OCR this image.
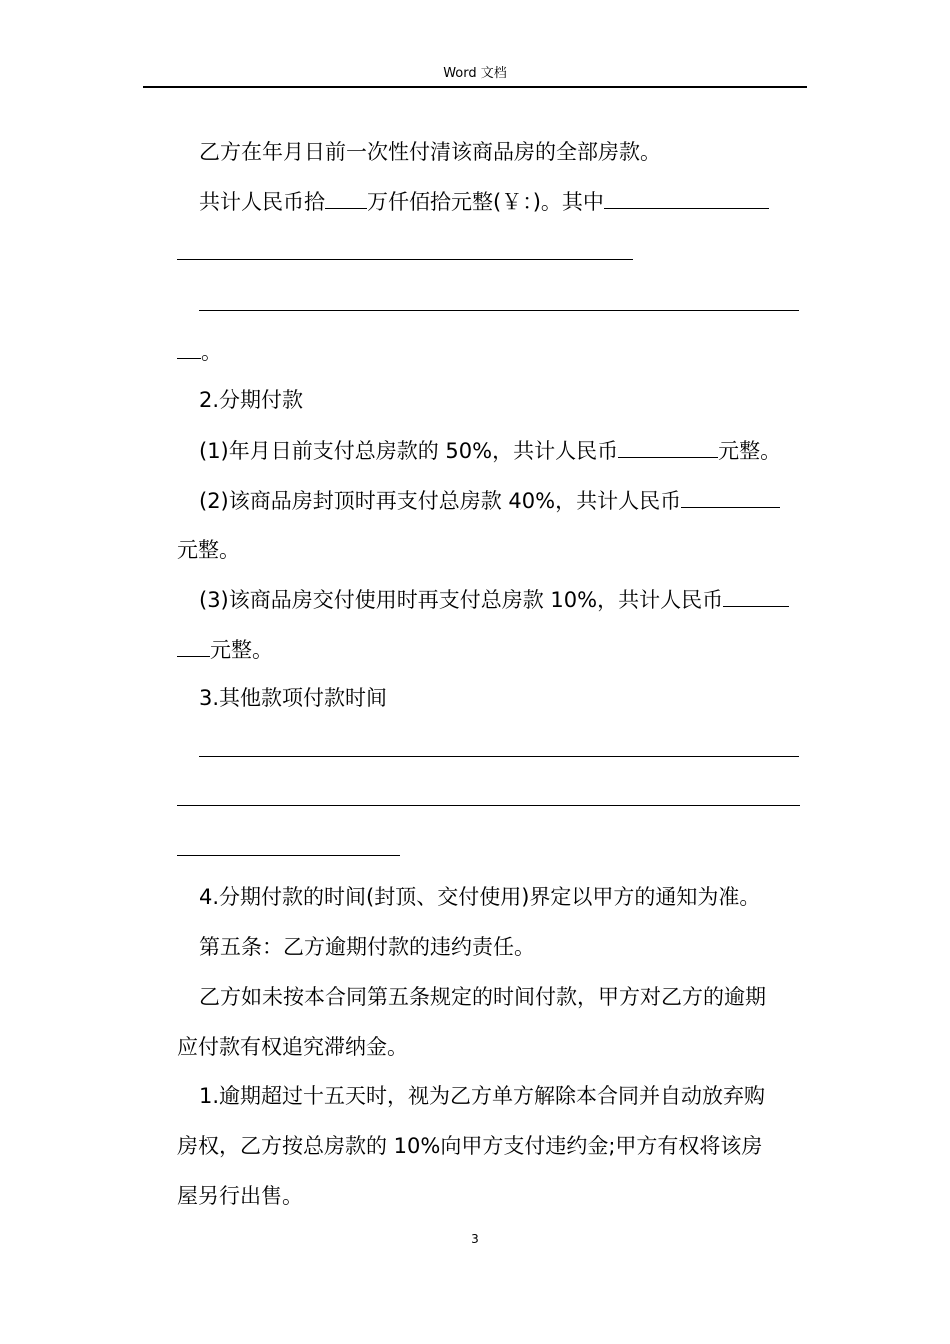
Word 文档
乙方在年月日前一次性付清该商品房的全部房款。
共计人民币拾 万仟佰拾元整(￥：)。其中
。
2.分期付款
(1)年月日前支付总房款的 50%，共计人民币	元整。
(2)该商品房封顶时再支付总房款 40%，共计人民币
元整。
(3)该商品房交付使用时再支付总房款 10%，共计人民币
元整。
3.其他款项付款时间
4.分期付款的时间(封顶、交付使用)界定以甲方的通知为准。
第五条：乙方逾期付款的违约责任。
乙方如未按本合同第五条规定的时间付款，甲方对乙方的逾期
应付款有权追究滞纳金。
1.逾期超过十五天时，视为乙方单方解除本合同并自动放弃购
房权，乙方按总房款的 10%向甲方支付违约金;甲方有权将该房
屋另行出售。
3
